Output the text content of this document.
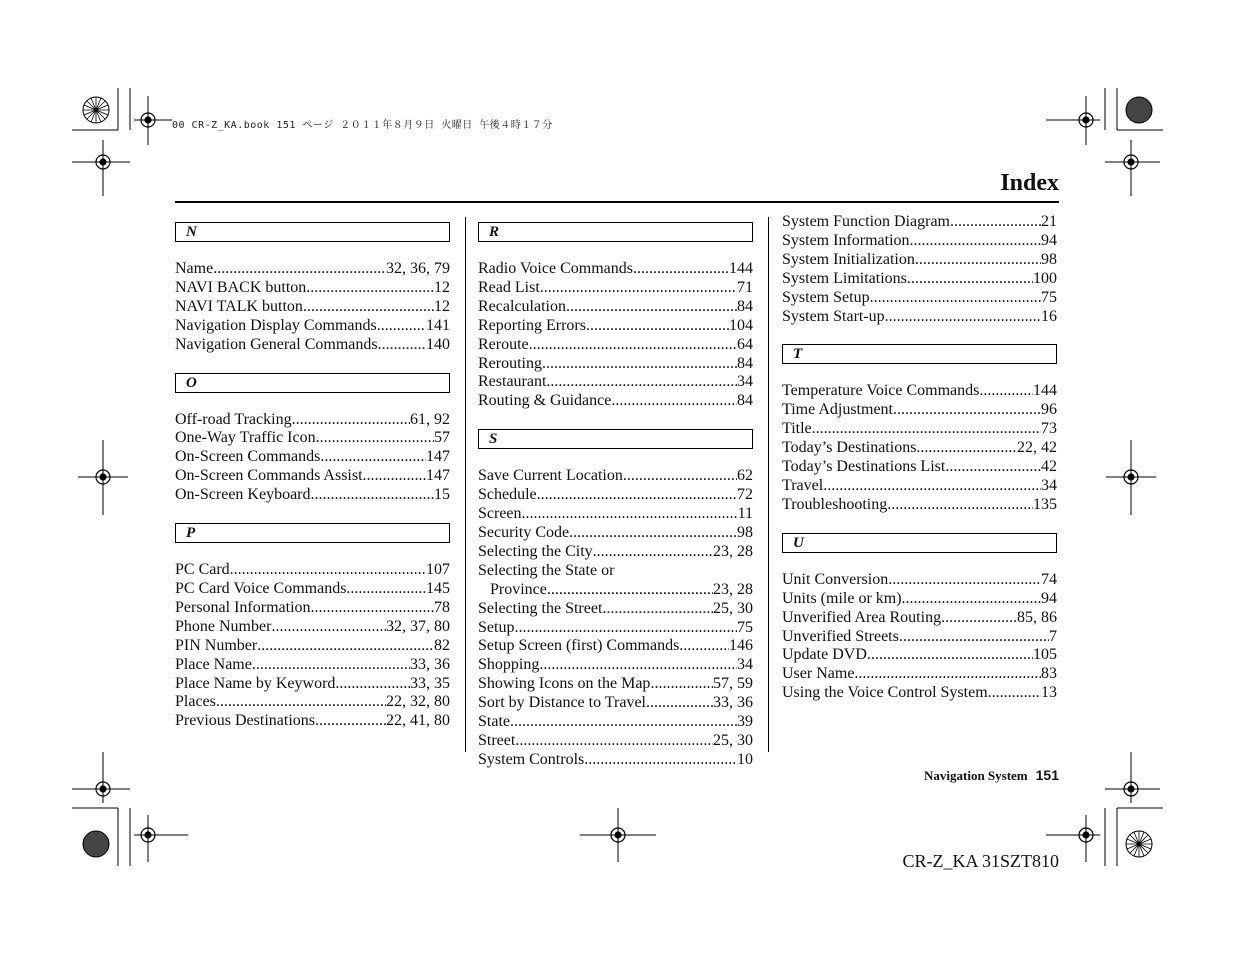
00 CR-Z_KA.book 151 ページ ２０１１年８月９日 火曜日 午後４時１７分
Index
N
Name .....	32, 36, 79
NAVI BACK button .....	12
NAVI TALK button .....	12
Navigation Display Commands .....	141
Navigation General Commands .....	140
O
Off-road Tracking .....	61, 92
One-Way Traffic Icon .....	57
On-Screen Commands .....	147
On-Screen Commands Assist .....	147
On-Screen Keyboard .....	15
P
PC Card .....	107
PC Card Voice Commands .....	145
Personal Information .....	78
Phone Number .....	32, 37, 80
PIN Number .....	82
Place Name .....	33, 36
Place Name by Keyword .....	33, 35
Places .....	22, 32, 80
Previous Destinations .....	22, 41, 80
R
Radio Voice Commands .....	144
Read List .....	71
Recalculation .....	84
Reporting Errors .....	104
Reroute .....	64
Rerouting .....	84
Restaurant .....	34
Routing & Guidance .....	84
S
Save Current Location .....	62
Schedule .....	72
Screen .....	11
Security Code .....	98
Selecting the City .....	23, 28
Selecting the State or
Province .....	23, 28
Selecting the Street .....	25, 30
Setup .....	75
Setup Screen (first) Commands .....	146
Shopping .....	34
Showing Icons on the Map .....	57, 59
Sort by Distance to Travel .....	33, 36
State .....	39
Street .....	25, 30
System Controls .....	10
System Function Diagram .....	21
System Information .....	94
System Initialization .....	98
System Limitations .....	100
System Setup .....	75
System Start-up .....	16
T
Temperature Voice Commands .....	144
Time Adjustment .....	96
Title .....	73
Today’s Destinations .....	22, 42
Today’s Destinations List .....	42
Travel .....	34
Troubleshooting .....	135
U
Unit Conversion .....	74
Units (mile or km) .....	94
Unverified Area Routing .....	85, 86
Unverified Streets .....	7
Update DVD .....	105
User Name .....	83
Using the Voice Control System .....	13
Navigation System 151
CR-Z_KA 31SZT810
